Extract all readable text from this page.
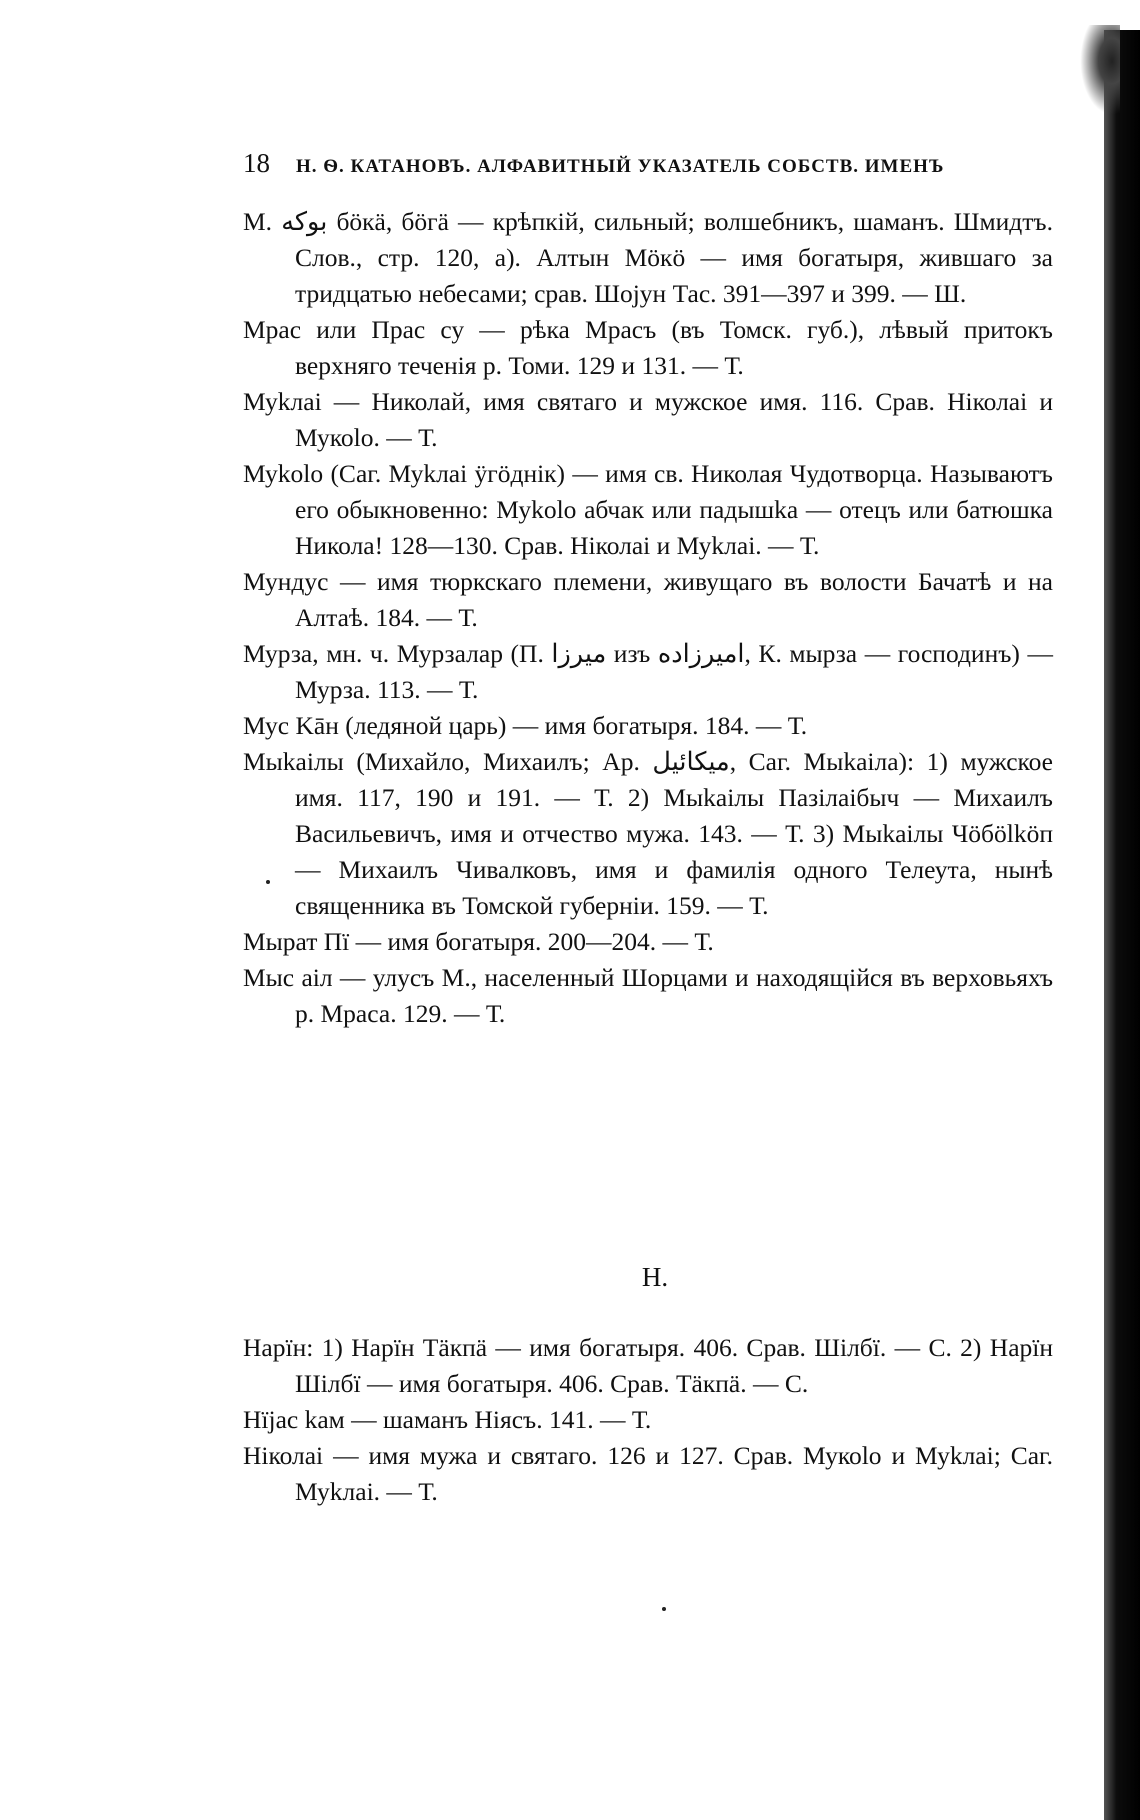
18 Н. Ѳ. КАТАНОВЪ. АЛФАВИТНЫЙ УКАЗАТЕЛЬ СОБСТВ. ИМЕНЪ

М. بوکه бӧкä, бӧгä — крѣпкій, сильный; волшебникъ, шаманъ. Шмидтъ. Слов., стр. 120, а). Алтын Мӧкӧ — имя богатыря, жившаго за тридцатью небесами; срав. Шоjун Тас. 391—397 и 399. — Ш.

Мрас или Прас су — рѣка Мрасъ (въ Томск. губ.), лѣвый притокъ верхняго теченія р. Томи. 129 и 131. — Т.

Муkлаі — Николай, имя святаго и мужское имя. 116. Срав. Ніколаі и Мукоlо. — Т.

Муkоlо (Саг. Муkлаі ӱгӧднік) — имя св. Николая Чудотворца. Называютъ его обыкновенно: Муkоlо абчак или падышkа — отецъ или батюшка Никола! 128—130. Срав. Ніколаі и Муkлаі. — Т.

Мундус — имя тюркскаго племени, живущаго въ волости Бачатѣ и на Алтаѣ. 184. — Т.

Мурза, мн. ч. Мурзалар (П. میرزا изъ امیرزاده, К. мырза — господинъ) — Мурза. 113. — Т.

Мус Kāн (ледяной царь) — имя богатыря. 184. — Т.

Мыkаілы (Михайло, Михаилъ; Ар. میکائیل, Саг. Мыkаіла): 1) мужское имя. 117, 190 и 191. — Т. 2) Мыkаілы Пазілаібыч — Михаилъ Васильевичъ, имя и отчество мужа. 143. — Т. 3) Мыkаілы Чӧбӧlkӧп — Михаилъ Чивалковъ, имя и фамилія одного Телеута, нынѣ священника въ Томской губерніи. 159. — Т.

Мырат Пї — имя богатыря. 200—204. — Т.

Мыс аіл — улусъ М., населенный Шорцами и находящійся въ верховьяхъ р. Мраса. 129. — Т.

Н.

Нарїн: 1) Нарїн Тäкпä — имя богатыря. 406. Срав. Шілбї. — С. 2) Нарїн Шілбї — имя богатыря. 406. Срав. Тäкпä. — С.

Нїјас kам — шаманъ Ніясъ. 141. — Т.

Ніколаі — имя мужа и святаго. 126 и 127. Срав. Мукоlо и Муkлаі; Саг. Муkлаі. — Т.
